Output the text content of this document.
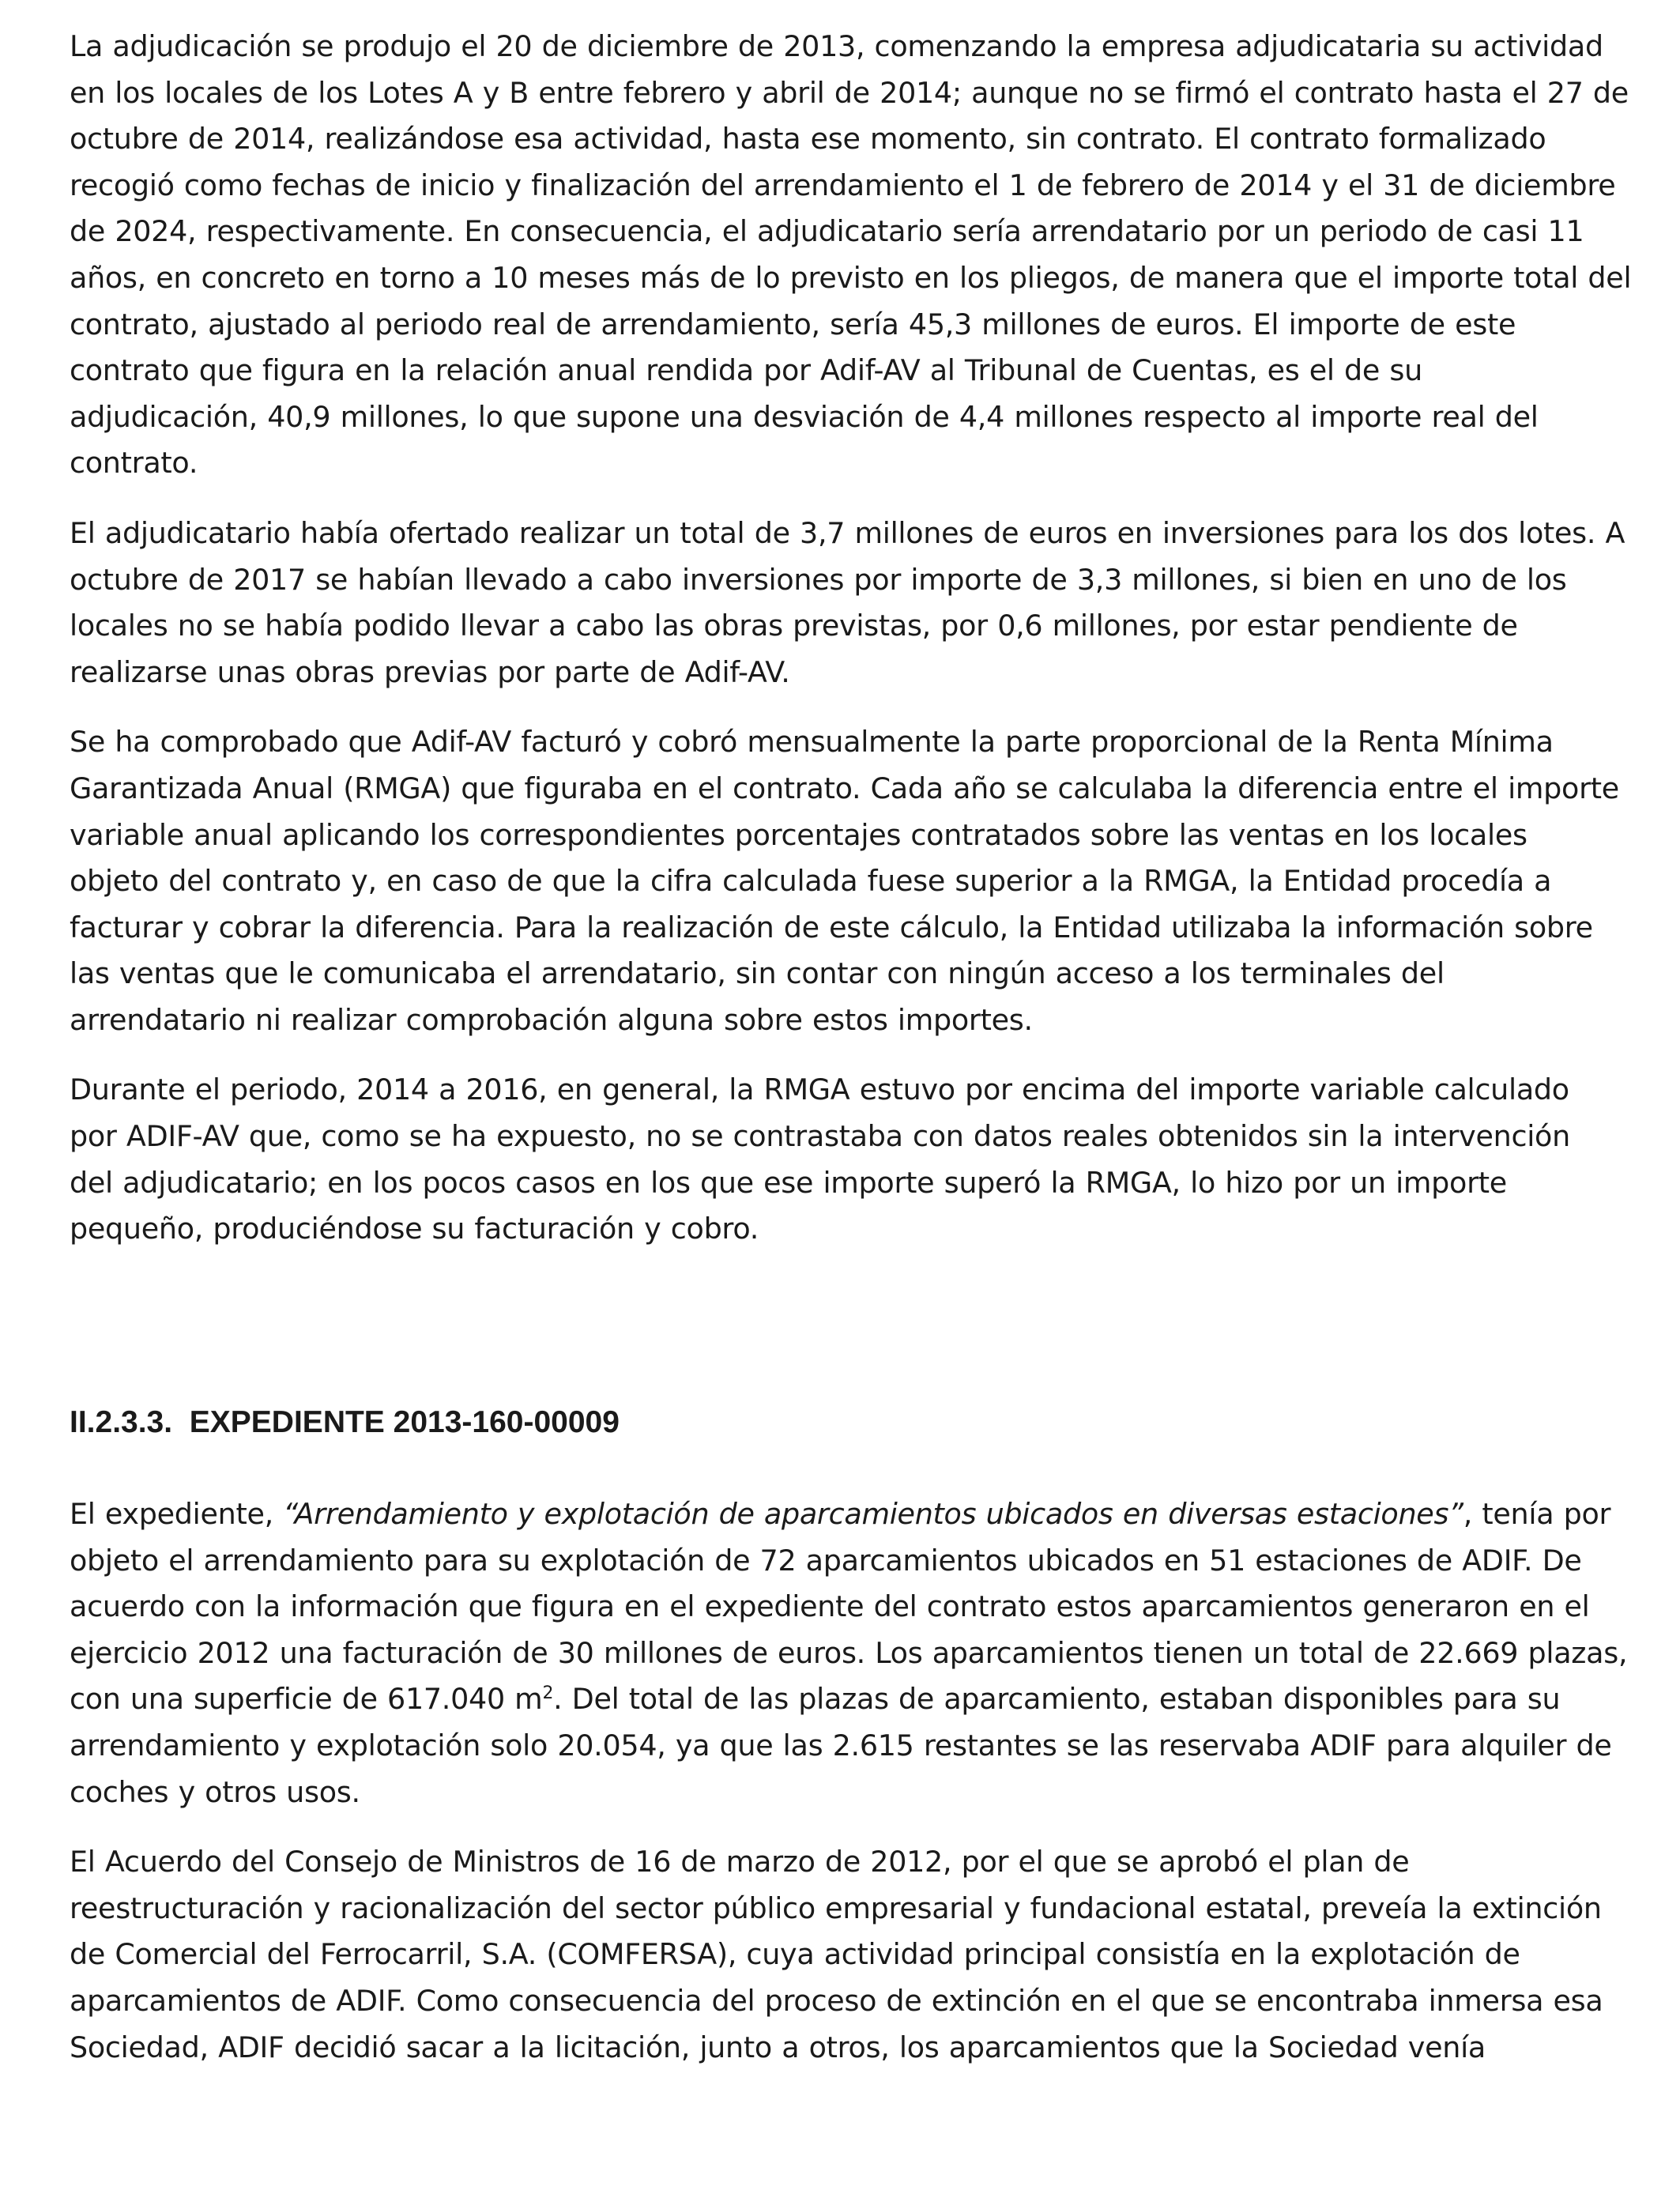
La adjudicación se produjo el 20 de diciembre de 2013, comenzando la empresa adjudicataria su actividad
en los locales de los Lotes A y B entre febrero y abril de 2014; aunque no se firmó el contrato hasta el 27 de
octubre de 2014, realizándose esa actividad, hasta ese momento, sin contrato. El contrato formalizado
recogió como fechas de inicio y finalización del arrendamiento el 1 de febrero de 2014 y el 31 de diciembre
de 2024, respectivamente. En consecuencia, el adjudicatario sería arrendatario por un periodo de casi 11
años, en concreto en torno a 10 meses más de lo previsto en los pliegos, de manera que el importe total del
contrato, ajustado al periodo real de arrendamiento, sería 45,3 millones de euros. El importe de este
contrato que figura en la relación anual rendida por Adif-AV al Tribunal de Cuentas, es el de su
adjudicación, 40,9 millones, lo que supone una desviación de 4,4 millones respecto al importe real del
contrato.

El adjudicatario había ofertado realizar un total de 3,7 millones de euros en inversiones para los dos lotes. A
octubre de 2017 se habían llevado a cabo inversiones por importe de 3,3 millones, si bien en uno de los
locales no se había podido llevar a cabo las obras previstas, por 0,6 millones, por estar pendiente de
realizarse unas obras previas por parte de Adif-AV.

Se ha comprobado que Adif-AV facturó y cobró mensualmente la parte proporcional de la Renta Mínima
Garantizada Anual (RMGA) que figuraba en el contrato. Cada año se calculaba la diferencia entre el importe
variable anual aplicando los correspondientes porcentajes contratados sobre las ventas en los locales
objeto del contrato y, en caso de que la cifra calculada fuese superior a la RMGA, la Entidad procedía a
facturar y cobrar la diferencia. Para la realización de este cálculo, la Entidad utilizaba la información sobre
las ventas que le comunicaba el arrendatario, sin contar con ningún acceso a los terminales del
arrendatario ni realizar comprobación alguna sobre estos importes.

Durante el periodo, 2014 a 2016, en general, la RMGA estuvo por encima del importe variable calculado
por ADIF-AV que, como se ha expuesto, no se contrastaba con datos reales obtenidos sin la intervención
del adjudicatario; en los pocos casos en los que ese importe superó la RMGA, lo hizo por un importe
pequeño, produciéndose su facturación y cobro.

II.2.3.3.  EXPEDIENTE 2013-160-00009

El expediente, “Arrendamiento y explotación de aparcamientos ubicados en diversas estaciones”, tenía por
objeto el arrendamiento para su explotación de 72 aparcamientos ubicados en 51 estaciones de ADIF. De
acuerdo con la información que figura en el expediente del contrato estos aparcamientos generaron en el
ejercicio 2012 una facturación de 30 millones de euros. Los aparcamientos tienen un total de 22.669 plazas,
con una superficie de 617.040 $m^2$. Del total de las plazas de aparcamiento, estaban disponibles para su
arrendamiento y explotación solo 20.054, ya que las 2.615 restantes se las reservaba ADIF para alquiler de
coches y otros usos.

El Acuerdo del Consejo de Ministros de 16 de marzo de 2012, por el que se aprobó el plan de
reestructuración y racionalización del sector público empresarial y fundacional estatal, preveía la extinción
de Comercial del Ferrocarril, S.A. (COMFERSA), cuya actividad principal consistía en la explotación de
aparcamientos de ADIF. Como consecuencia del proceso de extinción en el que se encontraba inmersa esa
Sociedad, ADIF decidió sacar a la licitación, junto a otros, los aparcamientos que la Sociedad venía
